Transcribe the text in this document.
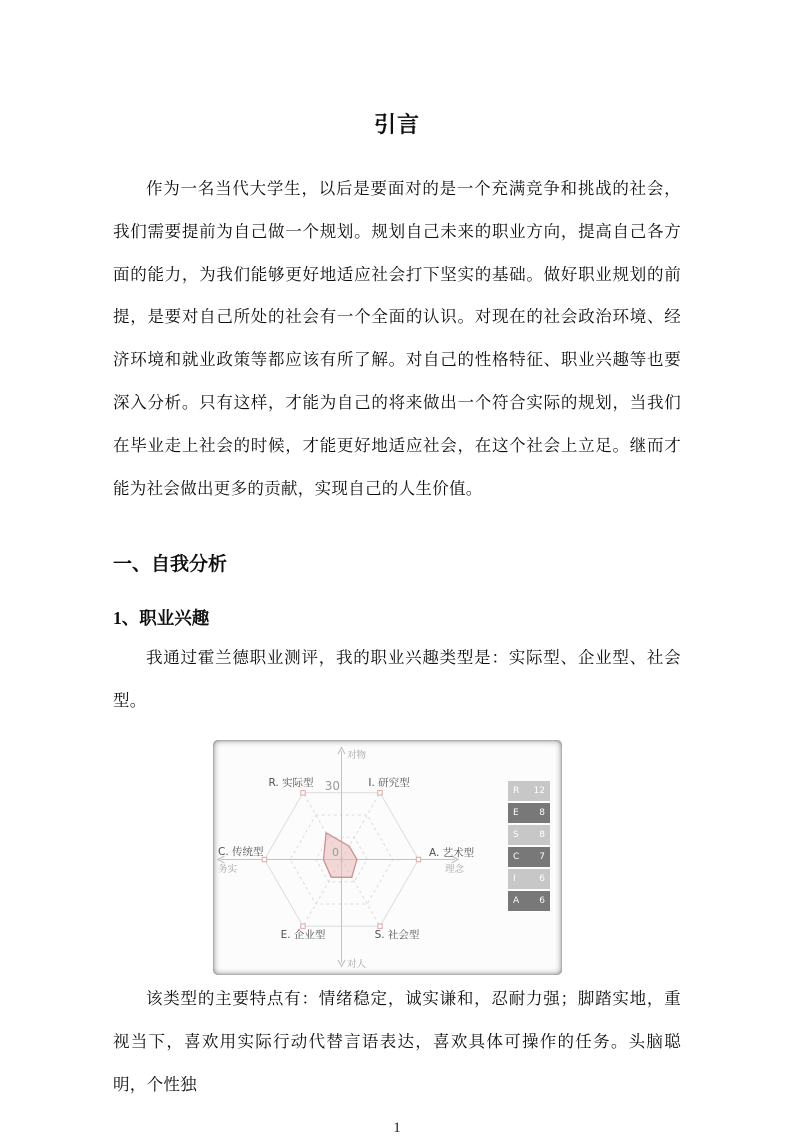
引言

作为一名当代大学生，以后是要面对的是一个充满竞争和挑战的社会，我们需要提前为自己做一个规划。规划自己未来的职业方向，提高自己各方面的能力，为我们能够更好地适应社会打下坚实的基础。做好职业规划的前提，是要对自己所处的社会有一个全面的认识。对现在的社会政治环境、经济环境和就业政策等都应该有所了解。对自己的性格特征、职业兴趣等也要深入分析。只有这样，才能为自己的将来做出一个符合实际的规划，当我们在毕业走上社会的时候，才能更好地适应社会，在这个社会上立足。继而才能为社会做出更多的贡献，实现自己的人生价值。

一、自我分析
1、职业兴趣

我通过霍兰德职业测评，我的职业兴趣类型是：实际型、企业型、社会型。

R. 实际型	I. 研究型
A. 艺术型
S. 社会型
E. 企业型
C. 传统型
30
0
对物
对人
务实	理念
R 12
E 8
S 8
C 7
I	6
A 6

该类型的主要特点有：情绪稳定，诚实谦和，忍耐力强；脚踏实地，重视当下，喜欢用实际行动代替言语表达，喜欢具体可操作的任务。头脑聪明，个性独

1
